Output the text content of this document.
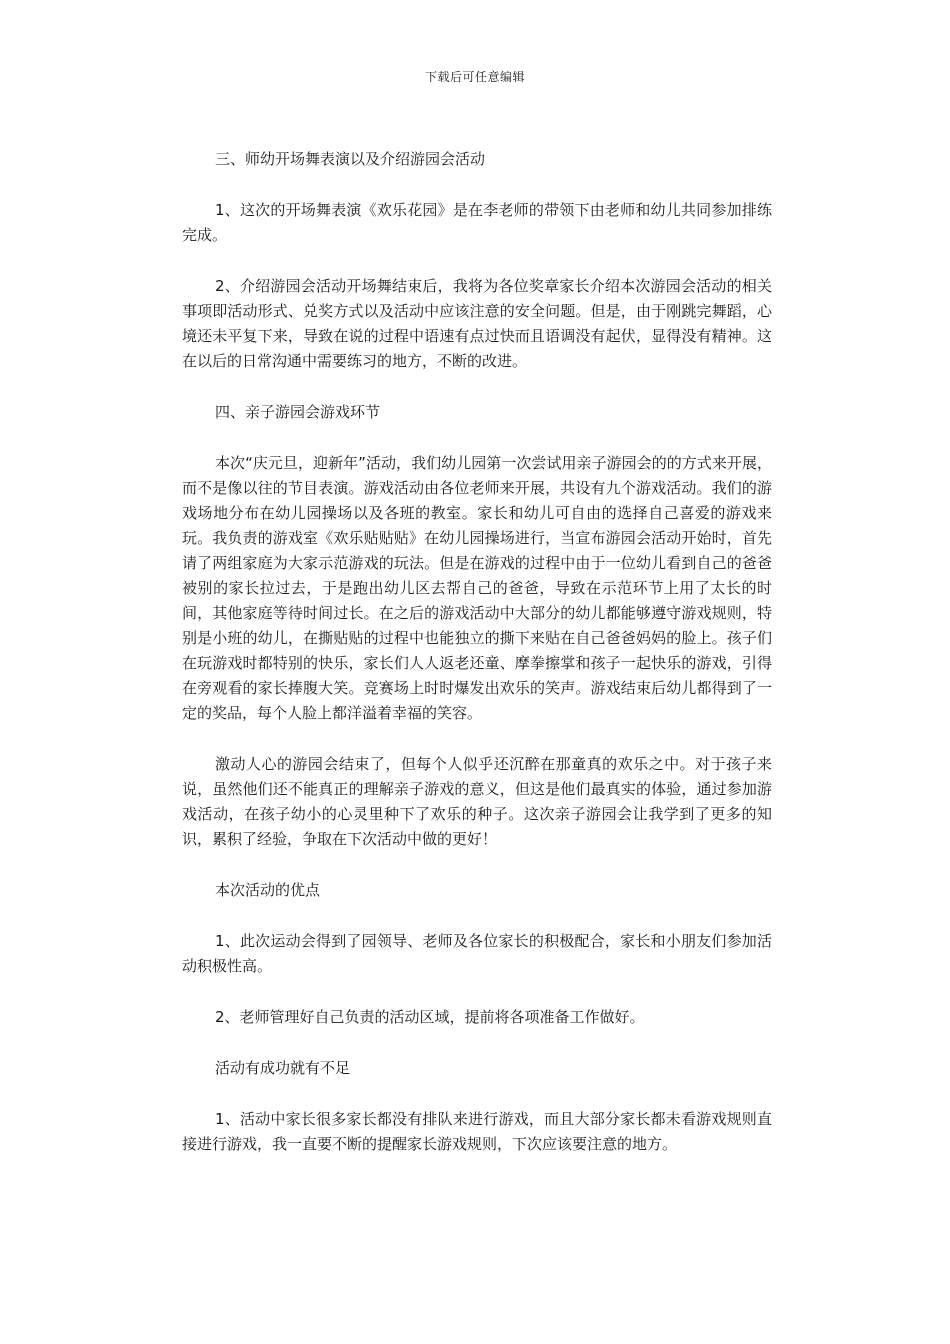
下载后可任意编辑

三、师幼开场舞表演以及介绍游园会活动

1、这次的开场舞表演《欢乐花园》是在李老师的带领下由老师和幼儿共同参加排练完成。

2、介绍游园会活动开场舞结束后，我将为各位奖章家长介绍本次游园会活动的相关事项即活动形式、兑奖方式以及活动中应该注意的安全问题。但是，由于刚跳完舞蹈，心境还未平复下来，导致在说的过程中语速有点过快而且语调没有起伏，显得没有精神。这在以后的日常沟通中需要练习的地方，不断的改进。

四、亲子游园会游戏环节

本次“庆元旦，迎新年”活动，我们幼儿园第一次尝试用亲子游园会的的方式来开展，而不是像以往的节目表演。游戏活动由各位老师来开展，共设有九个游戏活动。我们的游戏场地分布在幼儿园操场以及各班的教室。家长和幼儿可自由的选择自己喜爱的游戏来玩。我负责的游戏室《欢乐贴贴贴》在幼儿园操场进行，当宣布游园会活动开始时，首先请了两组家庭为大家示范游戏的玩法。但是在游戏的过程中由于一位幼儿看到自己的爸爸被别的家长拉过去，于是跑出幼儿区去帮自己的爸爸，导致在示范环节上用了太长的时间，其他家庭等待时间过长。在之后的游戏活动中大部分的幼儿都能够遵守游戏规则，特别是小班的幼儿，在撕贴贴的过程中也能独立的撕下来贴在自己爸爸妈妈的脸上。孩子们在玩游戏时都特别的快乐，家长们人人返老还童、摩拳擦掌和孩子一起快乐的游戏，引得在旁观看的家长捧腹大笑。竞赛场上时时爆发出欢乐的笑声。游戏结束后幼儿都得到了一定的奖品，每个人脸上都洋溢着幸福的笑容。

激动人心的游园会结束了，但每个人似乎还沉醉在那童真的欢乐之中。对于孩子来说，虽然他们还不能真正的理解亲子游戏的意义，但这是他们最真实的体验，通过参加游戏活动，在孩子幼小的心灵里种下了欢乐的种子。这次亲子游园会让我学到了更多的知识，累积了经验，争取在下次活动中做的更好！

本次活动的优点

1、此次运动会得到了园领导、老师及各位家长的积极配合，家长和小朋友们参加活动积极性高。

2、老师管理好自己负责的活动区域，提前将各项准备工作做好。

活动有成功就有不足

1、活动中家长很多家长都没有排队来进行游戏，而且大部分家长都未看游戏规则直接进行游戏，我一直要不断的提醒家长游戏规则，下次应该要注意的地方。
